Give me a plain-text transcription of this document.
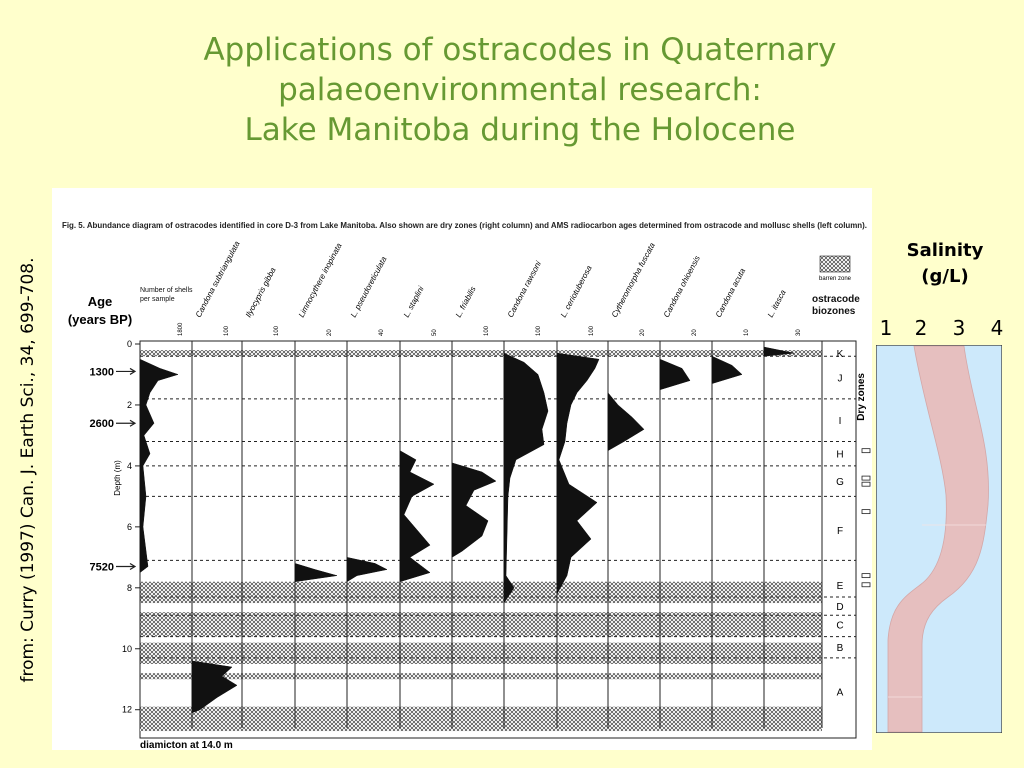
Applications of ostracodes in Quaternary
palaeoenvironmental research:
Lake Manitoba during the Holocene
from: Curry (1997) Can. J. Earth Sci., 34, 699-708.
Fig. 5. Abundance diagram of ostracodes identified in core D-3 from Lake Manitoba. Also shown are dry zones (right column) and AMS radiocarbon ages determined from ostracode and mollusc shells (left column).
Age
(years BP)
Number of shells per sample
Depth (m)
Candona subtriangulata Ilyocypris gibba Limnocythere inopinata L. pseudoreticulata L. staplini	L. friabilis	Candona rawsoni L. ceriotuberosa Cytheromorpha fuscata Candona ohioensis Candona acuta L. itasca
100	100	20	40	50	100	100	100	20	20	10	30
1800
barren zone
ostracode biozones
K
J
I
H
G
F
E
D
C
B
A
0
2
4
6
8
10
12
1300
2600
7520
Dry zones
diamicton at 14.0 m
Salinity
(g/L)
1 2 3 4
